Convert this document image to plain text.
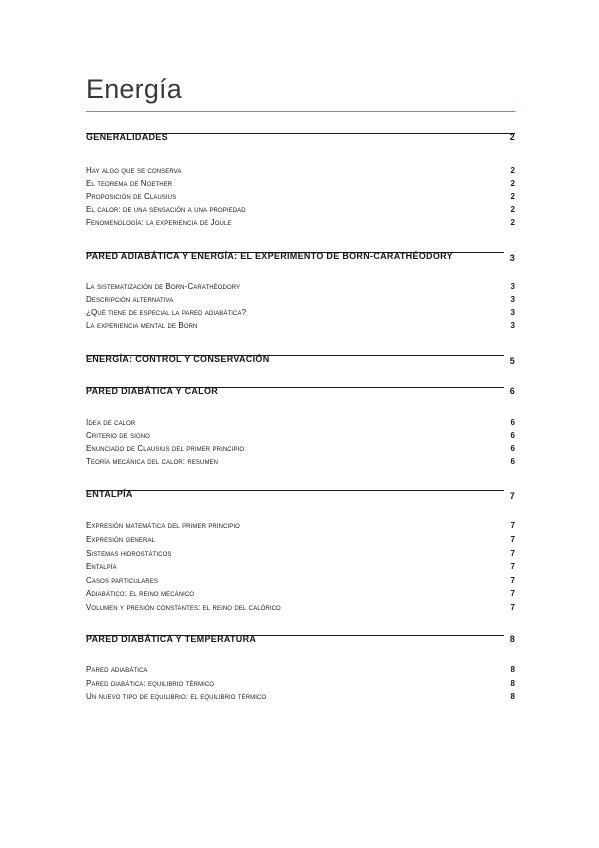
Energía
GENERALIDADES	2
Hay algo que se conserva	2
El teorema de Noether	2
Proposición de Clausius	2
El calor: de una sensación a una propiedad	2
Fenomenología: la experiencia de Joule	2
PARED ADIABÁTICA Y ENERGÍA: EL EXPERIMENTO DE BORN-CARATHÉODORY	3
La sistematización de Born-Carathéodory	3
Descripción alternativa	3
¿Qué tiene de especial la pared adiabática?	3
La experiencia mental de Born	3
ENERGÍA: CONTROL Y CONSERVACIÓN	5
PARED DIABÁTICA Y CALOR	6
Idea de calor	6
Criterio de signo	6
Enunciado de Clausius del primer principio	6
Teoría mecánica del calor: resumen	6
ENTALPÍA	7
Expresión matemática del primer principio	7
Expresión general	7
Sistemas hidrostáticos	7
Entalpía	7
Casos particulares	7
Adiabático: el reino mecánico	7
Volumen y presión constantes: el reino del calórico	7
PARED DIABÁTICA Y TEMPERATURA	8
Pared adiabática	8
Pared diabática: equilibrio térmico	8
Un nuevo tipo de equilibrio: el equilibrio térmico	8
